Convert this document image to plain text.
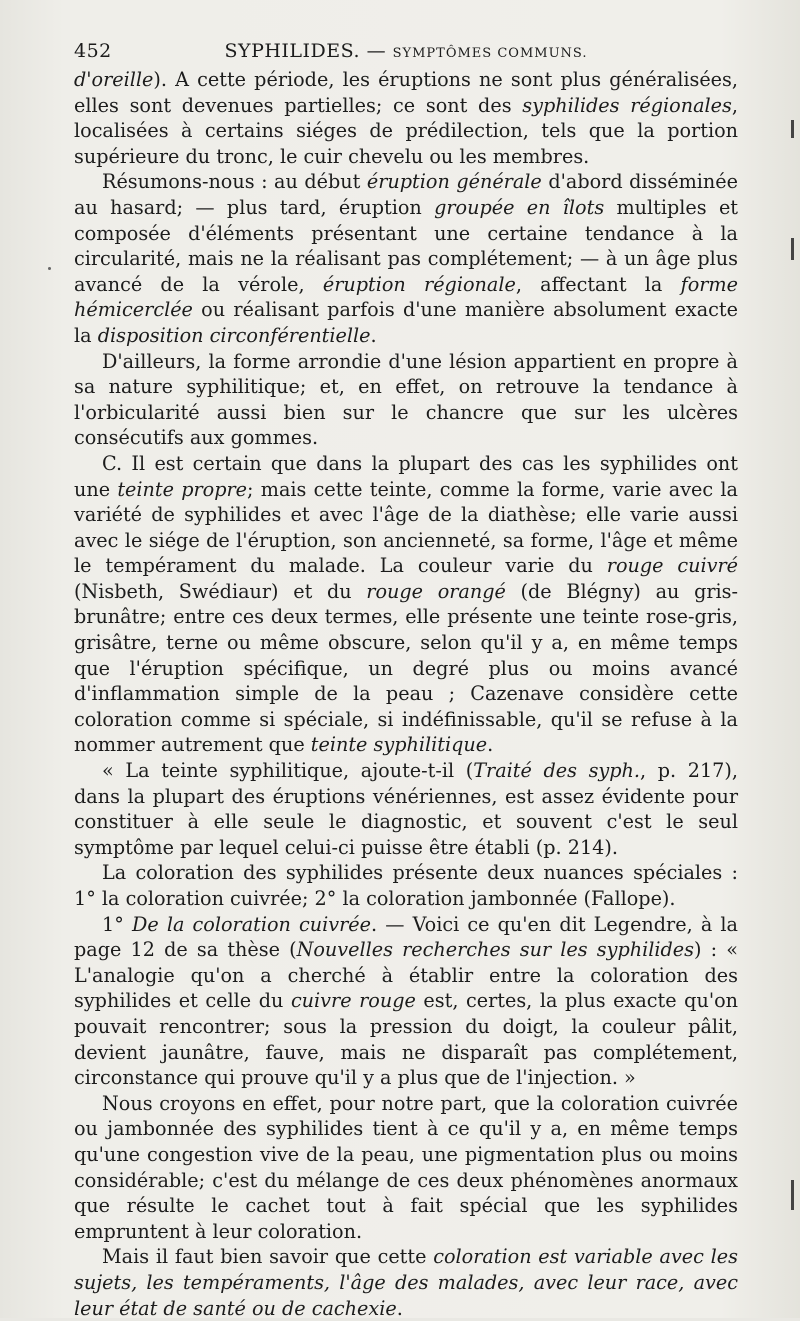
452	SYPHILIDES. — SYMPTÔMES COMMUNS.

d'oreille). A cette période, les éruptions ne sont plus généralisées, elles sont devenues partielles; ce sont des syphilides régionales, localisées à certains siéges de prédilection, tels que la portion supérieure du tronc, le cuir chevelu ou les membres.

Résumons-nous : au début éruption générale d'abord disséminée au hasard; — plus tard, éruption groupée en îlots multiples et composée d'éléments présentant une certaine tendance à la circularité, mais ne la réalisant pas complétement; — à un âge plus avancé de la vérole, éruption régionale, affectant la forme hémicerclée ou réalisant parfois d'une manière absolument exacte la disposition circonférentielle.

D'ailleurs, la forme arrondie d'une lésion appartient en propre à sa nature syphilitique; et, en effet, on retrouve la tendance à l'orbicularité aussi bien sur le chancre que sur les ulcères consécutifs aux gommes.

C. Il est certain que dans la plupart des cas les syphilides ont une teinte propre; mais cette teinte, comme la forme, varie avec la variété de syphilides et avec l'âge de la diathèse; elle varie aussi avec le siége de l'éruption, son ancienneté, sa forme, l'âge et même le tempérament du malade. La couleur varie du rouge cuivré (Nisbeth, Swédiaur) et du rouge orangé (de Blégny) au gris-brunâtre; entre ces deux termes, elle présente une teinte rose-gris, grisâtre, terne ou même obscure, selon qu'il y a, en même temps que l'éruption spécifique, un degré plus ou moins avancé d'inflammation simple de la peau ; Cazenave considère cette coloration comme si spéciale, si indéfinissable, qu'il se refuse à la nommer autrement que teinte syphilitique.

« La teinte syphilitique, ajoute-t-il (Traité des syph., p. 217), dans la plupart des éruptions vénériennes, est assez évidente pour constituer à elle seule le diagnostic, et souvent c'est le seul symptôme par lequel celui-ci puisse être établi (p. 214).

La coloration des syphilides présente deux nuances spéciales : 1° la coloration cuivrée; 2° la coloration jambonnée (Fallope).

1° De la coloration cuivrée. — Voici ce qu'en dit Legendre, à la page 12 de sa thèse (Nouvelles recherches sur les syphilides) : « L'analogie qu'on a cherché à établir entre la coloration des syphilides et celle du cuivre rouge est, certes, la plus exacte qu'on pouvait rencontrer; sous la pression du doigt, la couleur pâlit, devient jaunâtre, fauve, mais ne disparaît pas complétement, circonstance qui prouve qu'il y a plus que de l'injection. »

Nous croyons en effet, pour notre part, que la coloration cuivrée ou jambonnée des syphilides tient à ce qu'il y a, en même temps qu'une congestion vive de la peau, une pigmentation plus ou moins considérable; c'est du mélange de ces deux phénomènes anormaux que résulte le cachet tout à fait spécial que les syphilides empruntent à leur coloration.

Mais il faut bien savoir que cette coloration est variable avec les sujets, les tempéraments, l'âge des malades, avec leur race, avec leur état de santé ou de cachexie.
